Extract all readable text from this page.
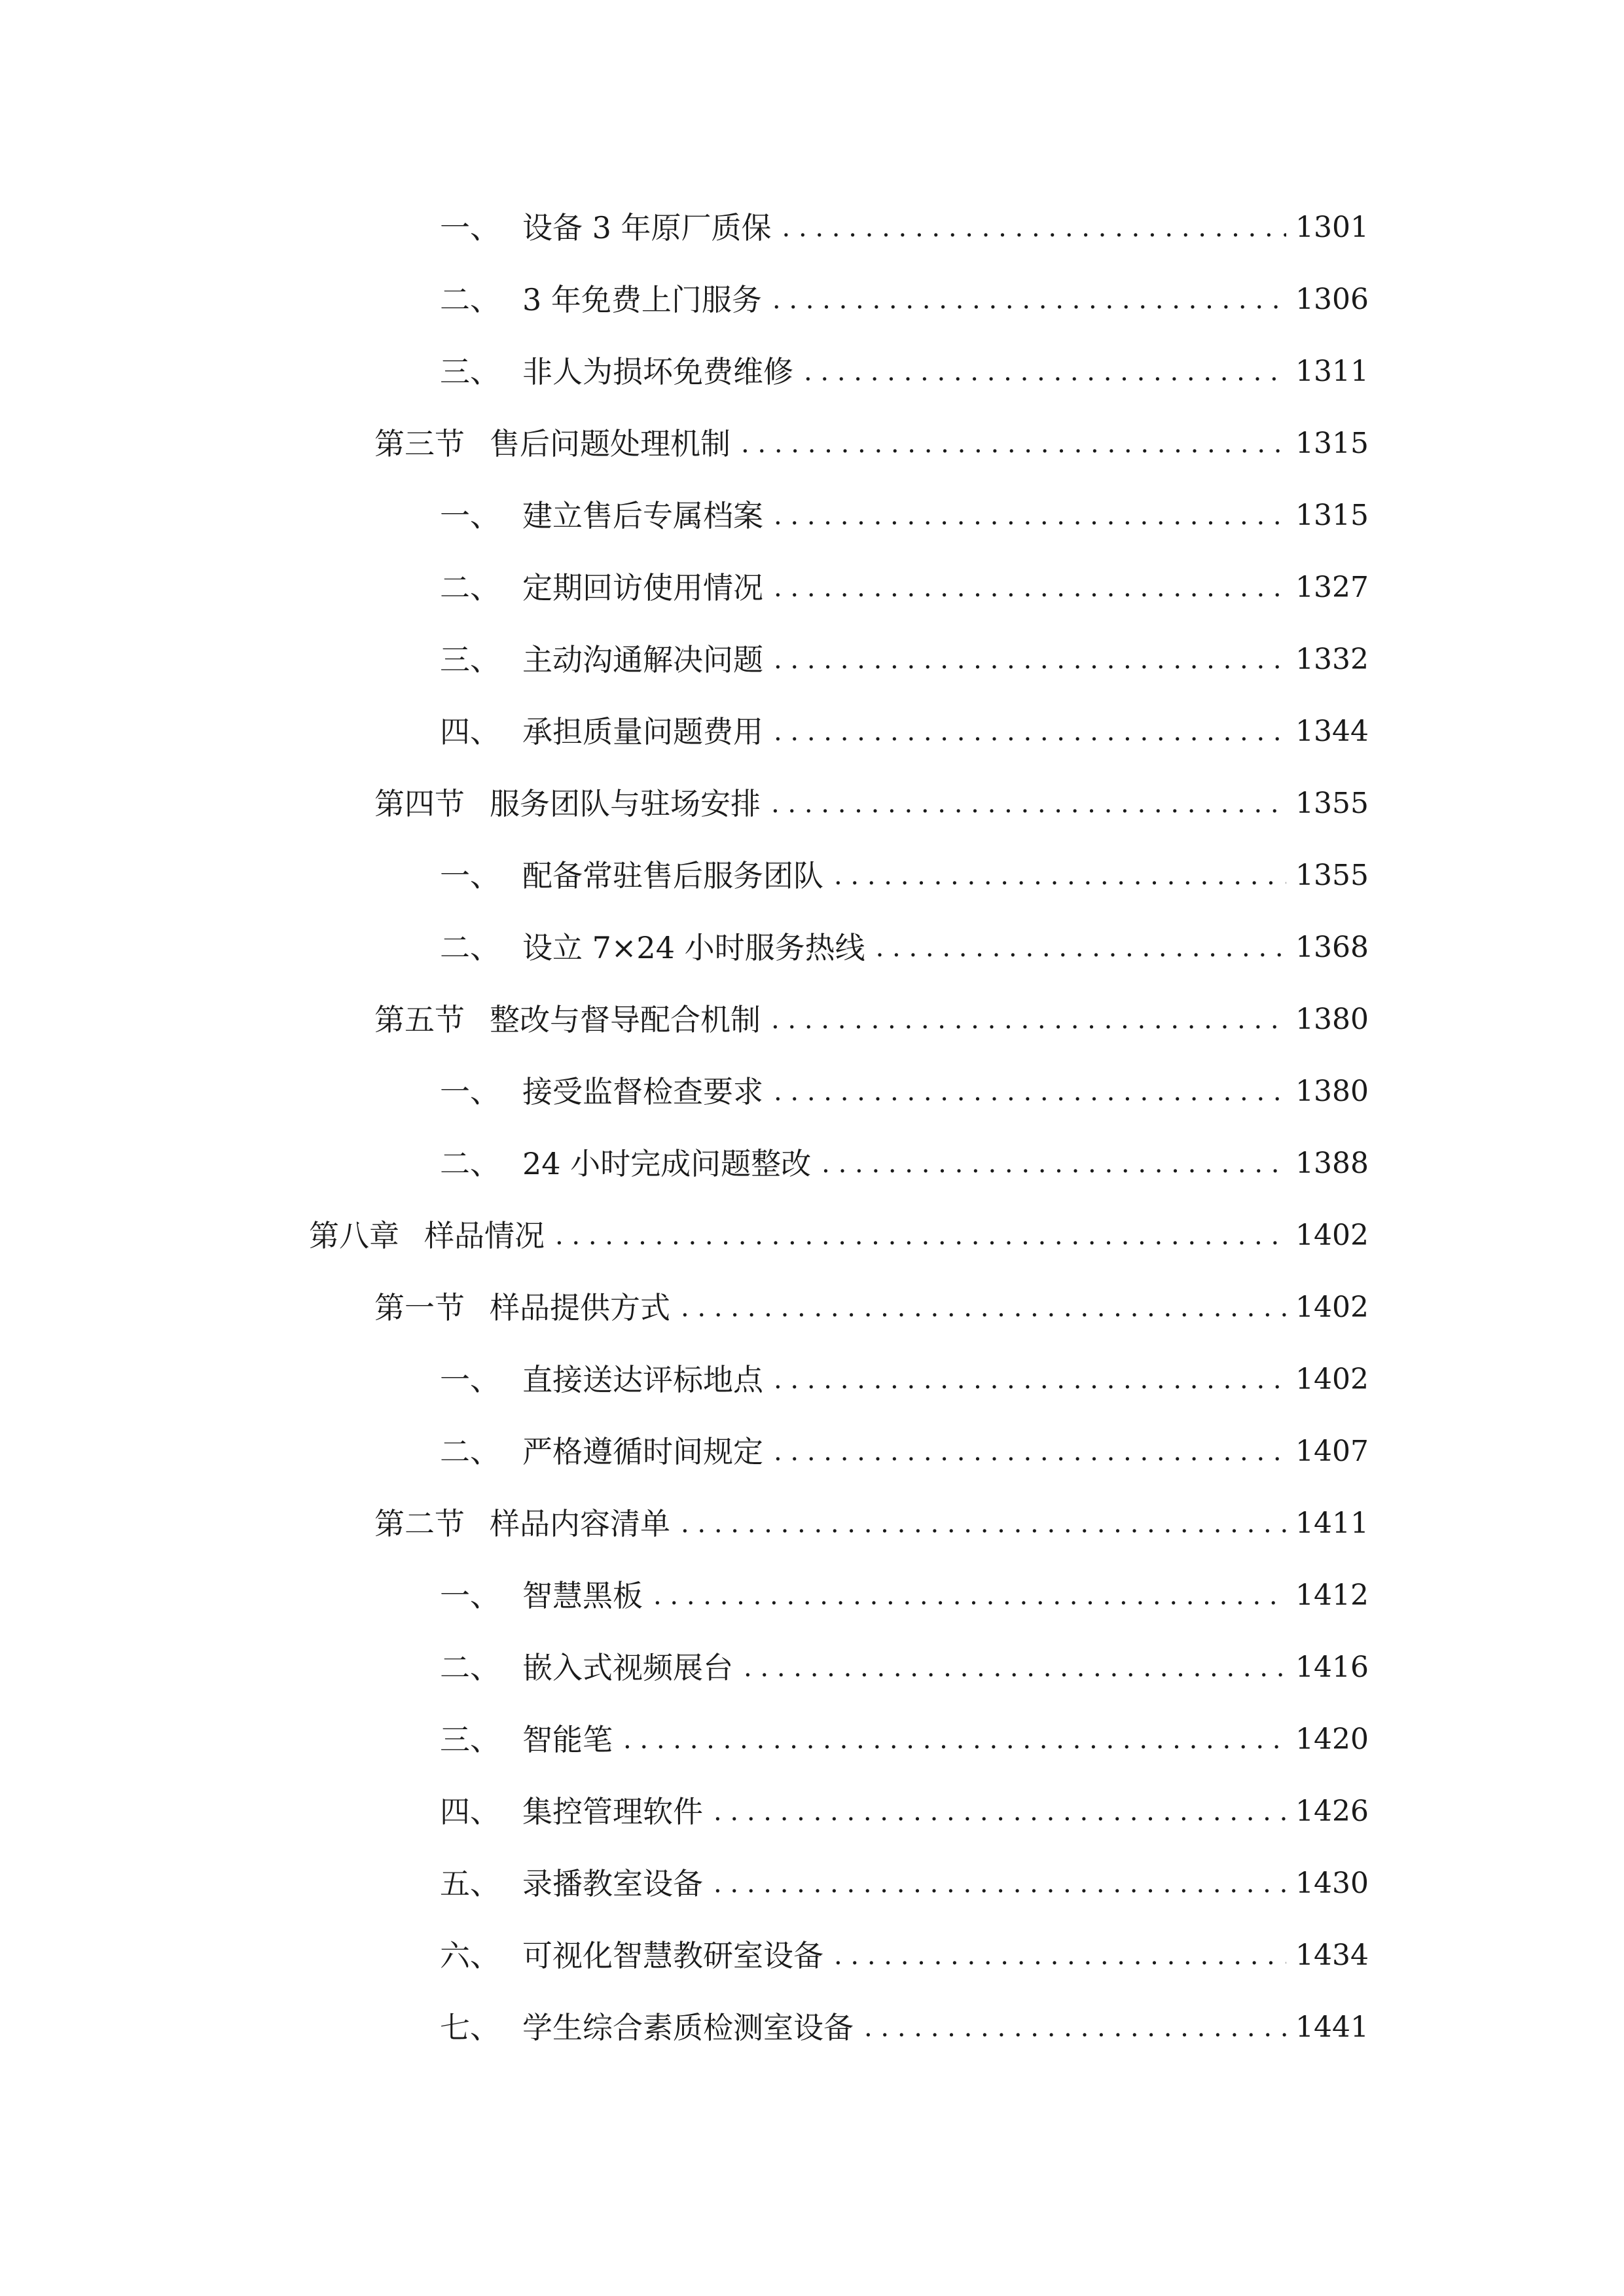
一、 设备 3 年原厂质保 . . .	1301
二、 3 年免费上门服务 . . .	1306
三、 非人为损坏免费维修 . . .	1311
第三节 售后问题处理机制 . . .	1315
一、 建立售后专属档案 . . .	1315
二、 定期回访使用情况 . . .	1327
三、 主动沟通解决问题 . . .	1332
四、 承担质量问题费用 . . .	1344
第四节 服务团队与驻场安排 . . .	1355
一、 配备常驻售后服务团队 . . .	1355
二、 设立 7×24 小时服务热线 . . .	1368
第五节 整改与督导配合机制 . . .	1380
一、 接受监督检查要求 . . .	1380
二、 24 小时完成问题整改 . . .	1388
第八章 样品情况 . . .	1402
第一节 样品提供方式 . . .	1402
一、 直接送达评标地点 . . .	1402
二、 严格遵循时间规定 . . .	1407
第二节 样品内容清单 . . .	1411
一、 智慧黑板 . . .	1412
二、 嵌入式视频展台 . . .	1416
三、 智能笔 . . .	1420
四、 集控管理软件 . . .	1426
五、 录播教室设备 . . .	1430
六、 可视化智慧教研室设备 . . .	1434
七、 学生综合素质检测室设备 . . .	1441
